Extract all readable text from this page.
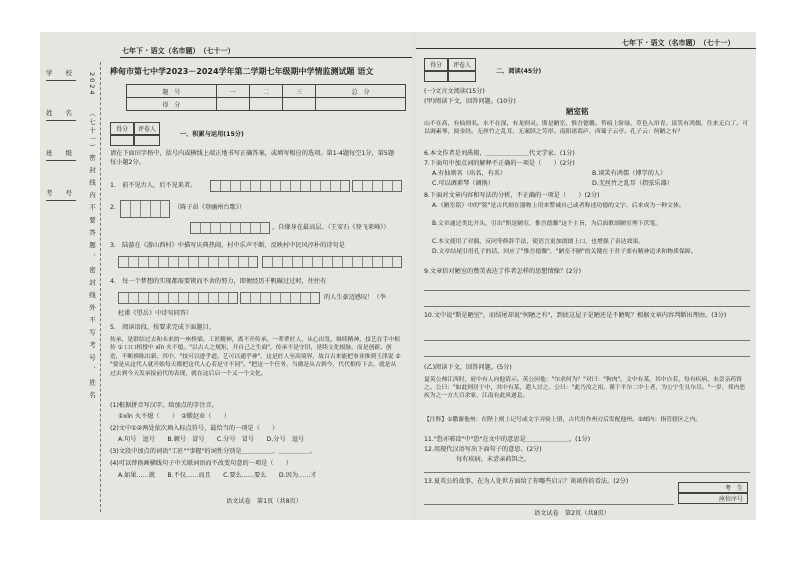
七年下 · 语文（名市题）　（七十一）
学　　校
姓　　名
班　　级
考　　号
2024
（七十一）
密封线内不要答题、密封线外不写考号、姓名
桦甸市第七中学2023－2024学年第二学期七年级期中学情监测试题 语文
题　号	一	二	三	总　分
得　分				
得分	评卷人
一、积累与运用(15分)
请在下面田字格中，括号内或横线上端正地书写正确答案，或填写相应的选项。第1-4题每空1分，第5题每小题2分。
1.　前不见古人，后不见来者。
2.	（陈子昂《登幽州台歌》）
，自缘身在最高层。（王安石《登飞来峰》）
3.　陆游在《游山西村》中描写庆典热闹，村中乐声不断，反映村中民风淳朴的诗句是
4.　每一个梦想的实现都需要锲而不舍的努力，即便经历千帆碾过过时，往往有
的人生豪迈感叹！（李
杜甫《望岳》中诗句同答）
5.　阅读语段，按要求完成下面题目。
传承，是联结过去和未来的一座桥梁。工匠精神，离不开传承。一辈辈匠人，从心出发，继续精神，技艺在手中相传 ① 口口相授中 xīn 火不熄。"以古人之规矩，开自己之生面"，传承不是守旧，延续文化根脉，而是创新、创造，不断推陈出新。其中，"技可以进乎道，艺可以通乎神"，这是匠人至高境界，故百古来能把事业推到王津说 ② "要是从这代人就开始每天都把这代人心若是守不同"。"把这一个任务，当做是从古到今，代代相传下去，就是从过去到今天发承接前代的表现，就在这后启一个又一个文化。
(1)根据拼音写汉字，给加点的字注音。
①xīn 火不熄（　　）　②锻赵业（　　）
(2)文中①②两处依次填入标点符号，最恰当的一项是（　　）
A.句号　逗号　　B.顿号　冒号　　C.分号　冒号　　D.分号　逗号
(3)文段中加点的词语"工匠""事握"的词性分别是＿＿＿＿＿、＿＿＿＿＿。
(4)可以替换画横线句子中关联词语而不改变句意的一项是（　　）
A.如果……就　　B.不仅……而且　　C.要么……要么　　D.因为……才
语文试卷　第1页（共8页）
七年下 · 语文（名市题）　（七十一）
得分	评卷人
二、阅读(45分)
(一)文言文阅读(15分)
(甲)阅读下文，回答问题。(10分)
陋室铭
山不在高，有仙则名。水不在深，有龙则灵。斯是陋室，惟吾德馨。苔痕上阶绿，草色入帘青。谈笑有鸿儒，往来无白丁。可以调素琴，阅金经。无丝竹之乱耳，无案牍之劳形。南阳诸葛庐，西蜀子云亭。孔子云：何陋之有？
6.本文作者是刘禹锡，＿＿＿＿＿＿＿代文学家。(1分)
7.下面句中加点词的解释不正确的一项是（　　）(2分)
A.有仙则名（出名，有名）	B.谈笑有鸿儒（博学的人）
C.可以调素琴（调换）	D.无丝竹之乱耳（指弦乐器）
8.下面对文章内容和写法的分析，不正确的一项是（　　）(2分)
A.《陋室铭》中的"铭"是古代刻在器物上用来警诫自己或者称述功德的文字，后来成为一种文体。
B.文章通过类比开头，引出"斯是陋室，惟吾德馨"这个主旨，为后面歌颂陋室埋下伏笔。
C.本文使用了对偶，反问等修辞手法，使语言更加朗朗上口，也增强了表达效果。
D.文章结尾引用孔子的话，回应了"惟吾德馨"，"陋室不陋"的关键在于君子要有精神追求和物质保障。
9.文章倍对陋室的赞美表达了作者怎样的思想情操？(2分)
10.文中说"斯是陋室"，而结尾却说"何陋之有"，到底这屋子是陋还是不陋呢？根据文章内容判断出理由。(3分)
(乙)阅读下文，回答问题。(5分)
夏英公帅江西时，府中有人向他请示。英公问他："尔求何为？"对曰："狗肉"。文中有某，其中自若，每有疾病，未尝亲药饵之。公曰："如此则居于中，其中有某，遣人讨之。公曰："此乃汝之祖，谨于平尔二中士者，为公宁生且尔耳。"一岁，邦内恶疾为之一方大百余家，江南有此风遂息。
【注释】①撒谢他州：在陛上则上记号或文字弄验上册，古代用作州刃后发配他州。②邮内：指管辖区之内。
11."恐亦邪设"中"恐"在文中的意思是＿＿＿＿＿＿＿。(1分)
12.用现代汉语写出下面句子的意思。(2分)
每有疾病，未尝亲药饵之。
13.夏英公的故事，在为人处世方面给了你哪些启示？谈谈你的看法。(2分)
考　生
座位序号
语文试卷　第2页（共8页）
